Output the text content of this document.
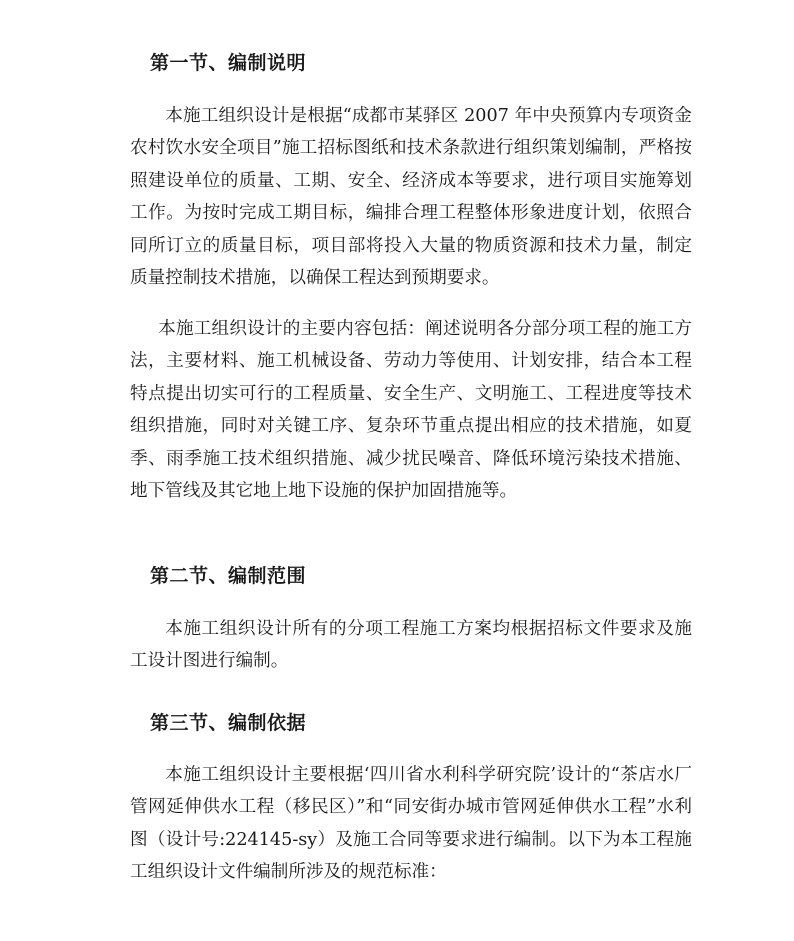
第一节、编制说明

本施工组织设计是根据“成都市某驿区 2007 年中央预算内专项资金农村饮水安全项目”施工招标图纸和技术条款进行组织策划编制，严格按照建设单位的质量、工期、安全、经济成本等要求，进行项目实施筹划工作。为按时完成工期目标，编排合理工程整体形象进度计划，依照合同所订立的质量目标，项目部将投入大量的物质资源和技术力量，制定质量控制技术措施，以确保工程达到预期要求。

本施工组织设计的主要内容包括：阐述说明各分部分项工程的施工方法，主要材料、施工机械设备、劳动力等使用、计划安排，结合本工程特点提出切实可行的工程质量、安全生产、文明施工、工程进度等技术组织措施，同时对关键工序、复杂环节重点提出相应的技术措施，如夏季、雨季施工技术组织措施、减少扰民噪音、降低环境污染技术措施、地下管线及其它地上地下设施的保护加固措施等。

第二节、编制范围

本施工组织设计所有的分项工程施工方案均根据招标文件要求及施工设计图进行编制。

第三节、编制依据

本施工组织设计主要根据‘四川省水利科学研究院’设计的“茶店水厂管网延伸供水工程（移民区）”和“同安街办城市管网延伸供水工程”水利图（设计号:224145-sy）及施工合同等要求进行编制。以下为本工程施工组织设计文件编制所涉及的规范标准：
